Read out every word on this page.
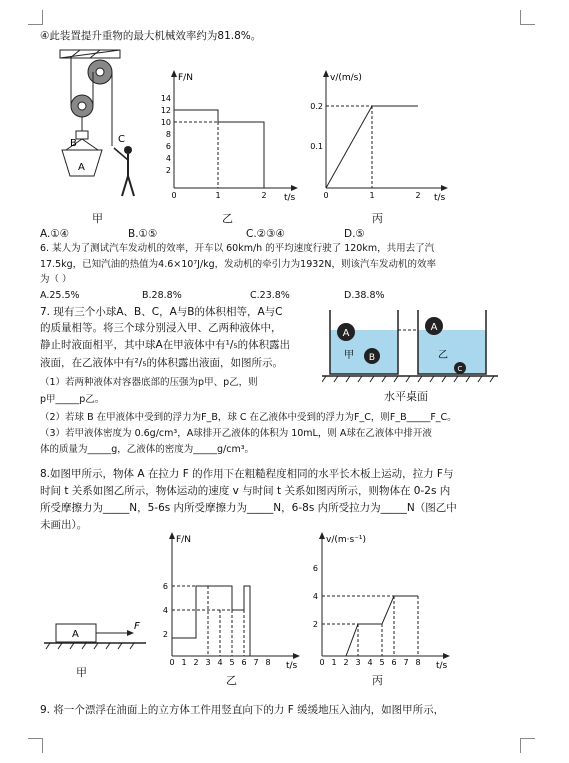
④此装置提升重物的最大机械效率约为81.8%。
B
A
C
F/N
t/s
14
12
10
8
6
4
2
0	1	2
v/(m/s)
t/s
0.2
0.1
0	1	2
甲	乙	丙
A.①④	B.①⑤	C.②③④	D.⑤
6. 某人为了测试汽车发动机的效率，开车以 60km/h 的平均速度行驶了 120km，共用去了汽
17.5kg，已知汽油的热值为4.6×10⁷J/kg，发动机的牵引力为1932N，则该汽车发动机的效率
为（ ）
A.25.5%	B.28.8%	C.23.8%	D.38.8%
7. 现有三个小球A、B、C，A与B的体积相等，A与C
的质量相等。将三个球分别浸入甲、乙两种液体中，
静止时液面相平，其中球A在甲液体中有¹/₅的体积露出
液面，在乙液体中有²/₅的体积露出液面，如图所示。
（1）若两种液体对容器底部的压强为p甲、p乙，则
p甲_____p乙。
（2）若球 B 在甲液体中受到的浮力为F_B，球 C 在乙液体中受到的浮力为F_C，则F_B_____F_C。
（3）若甲液体密度为 0.6g/cm³，A球排开乙液体的体积为 10mL，则 A球在乙液体中排开液
体的质量为_____g，乙液体的密度为_____g/cm³。
A
B
A
C
甲	乙
水平桌面
8.如图甲所示，物体 A 在拉力 F 的作用下在粗糙程度相同的水平长木板上运动，拉力 F与
时间 t 关系如图乙所示，物体运动的速度 v 与时间 t 关系如图丙所示，则物体在 0-2s 内
所受摩擦力为_____N，5-6s 内所受摩擦力为_____N，6-8s 内所受拉力为_____N（图乙中
未画出）。
A
F
甲
F/N
t/s
6
4
2
0 1 2 3 4 5 6 7 8
乙
v/(m·s⁻¹)
t/s
6
4
2
0 1 2 3 4 5 6 7 8
丙
9. 将一个漂浮在油面上的立方体工件用竖直向下的力 F 缓缓地压入油内，如图甲所示，
